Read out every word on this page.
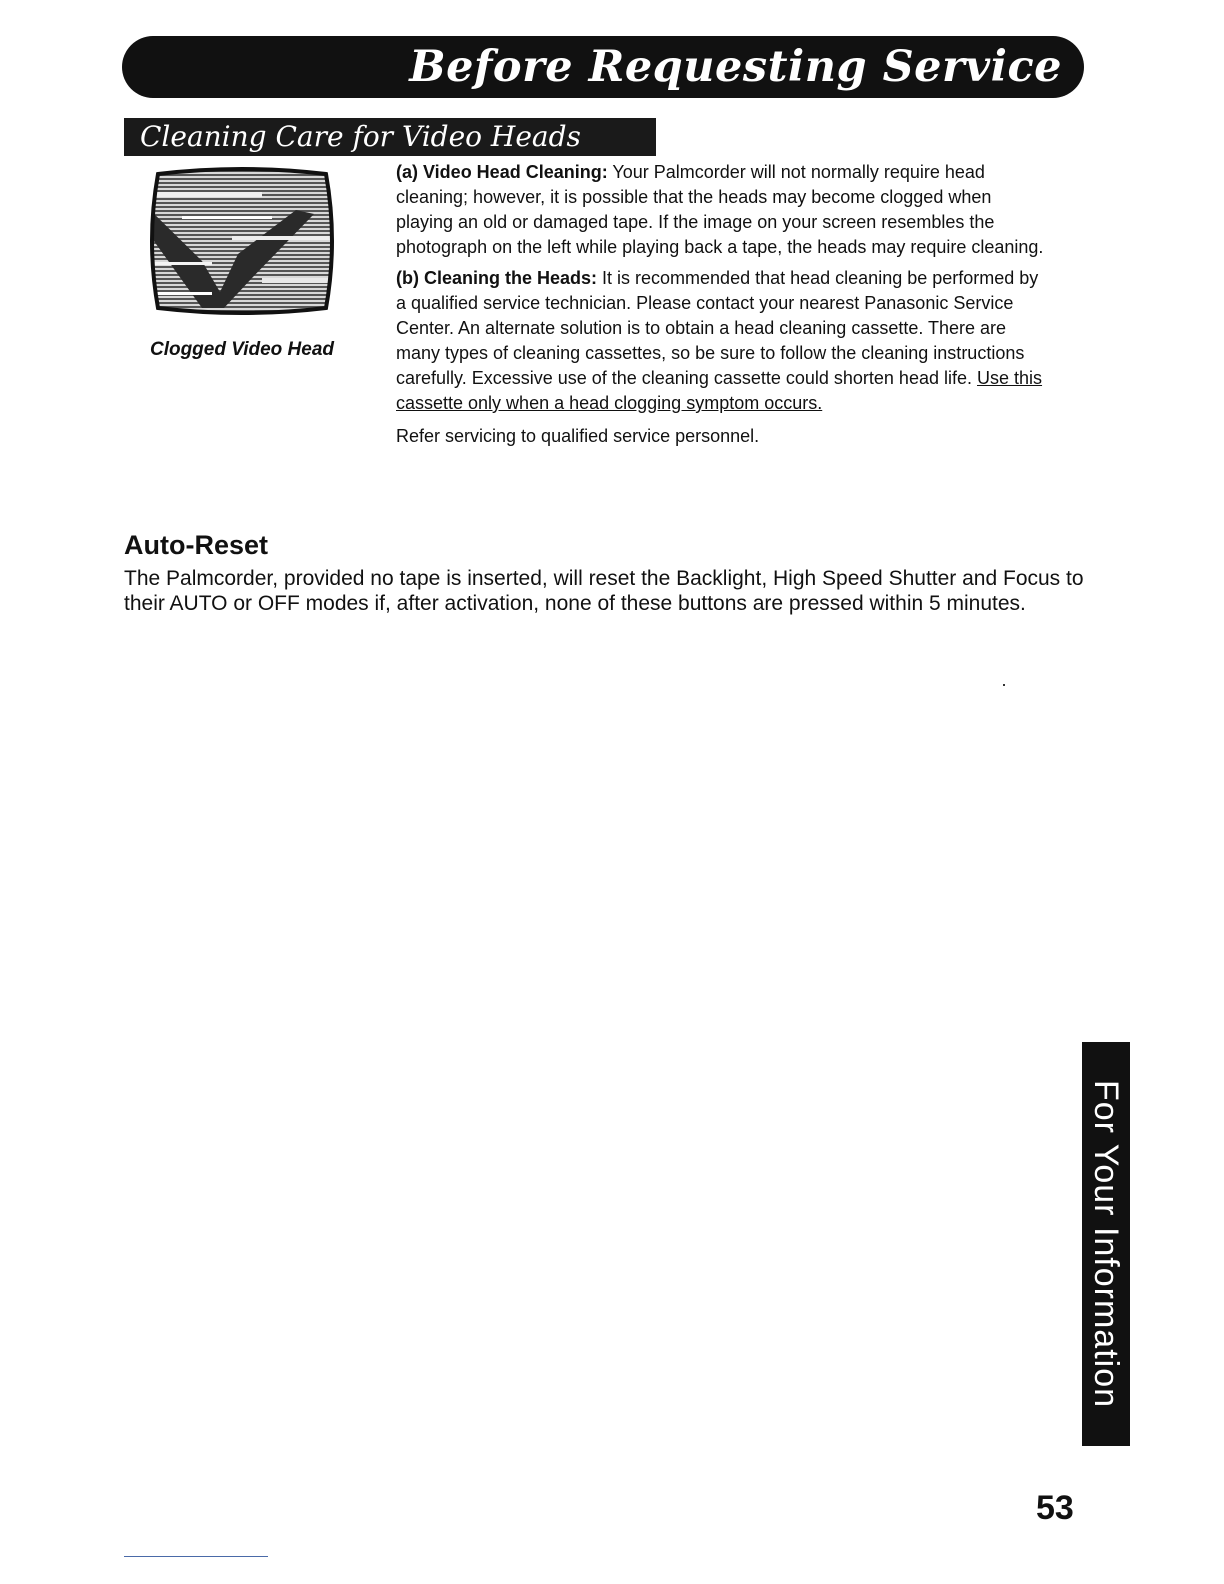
Before Requesting Service
Cleaning Care for Video Heads
Clogged Video Head

(a) Video Head Cleaning: Your Palmcorder will not normally require head cleaning; however, it is possible that the heads may become clogged when playing an old or damaged tape. If the image on your screen resembles the photograph on the left while playing back a tape, the heads may require cleaning.

(b) Cleaning the Heads: It is recommended that head cleaning be performed by a qualified service technician. Please contact your nearest Panasonic Service Center. An alternate solution is to obtain a head cleaning cassette. There are many types of cleaning cassettes, so be sure to follow the cleaning instructions carefully. Excessive use of the cleaning cassette could shorten head life. Use this cassette only when a head clogging symptom occurs.

Refer servicing to qualified service personnel.

Auto-Reset

The Palmcorder, provided no tape is inserted, will reset the Backlight, High Speed Shutter and Focus to their AUTO or OFF modes if, after activation, none of these buttons are pressed within 5 minutes.

For Your Information
53
